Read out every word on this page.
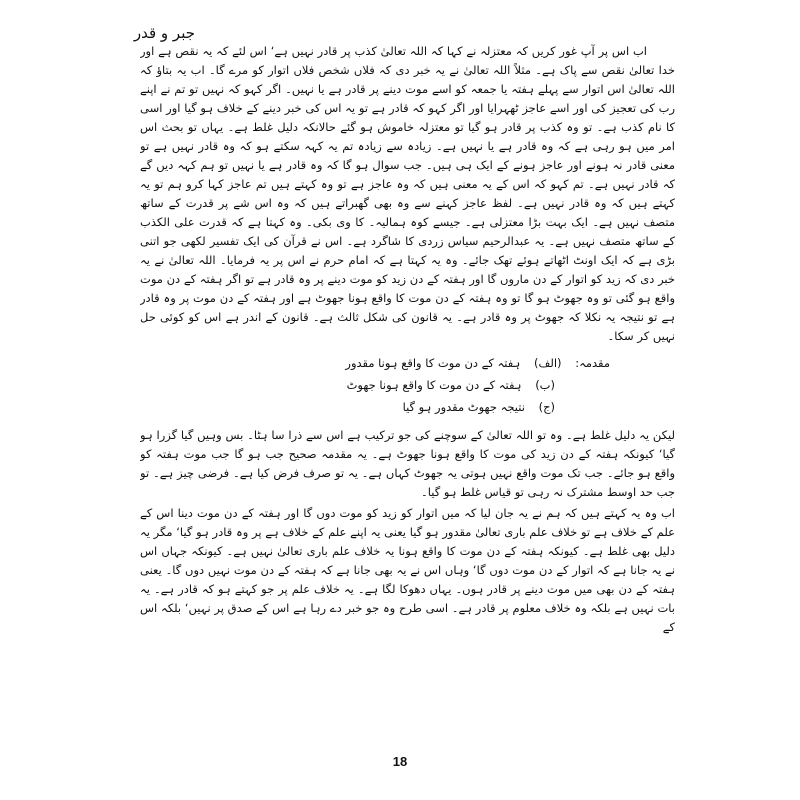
جبر و قدر

اب اس پر آپ غور کریں کہ معتزلہ نے کہا کہ اللہ تعالیٰ کذب پر قادر نہیں ہے‘ اس لئے کہ یہ نقص ہے اور خدا تعالیٰ نقص سے پاک ہے۔ مثلاً اللہ تعالیٰ نے یہ خبر دی کہ فلاں شخص فلاں اتوار کو مرے گا۔ اب یہ بتاؤ کہ اللہ تعالیٰ اس اتوار سے پہلے ہفتہ یا جمعہ کو اسے موت دینے پر قادر ہے یا نہیں۔ اگر کہو کہ نہیں تو تم نے اپنے رب کی تعجیز کی اور اسے عاجز ٹھہرایا اور اگر کہو کہ قادر ہے تو یہ اس کی خبر دینے کے خلاف ہو گیا اور اسی کا نام کذب ہے۔ تو وہ کذب پر قادر ہو گیا تو معتزلہ خاموش ہو گئے حالانکہ دلیل غلط ہے۔ یہاں تو بحث اس امر میں ہو رہی ہے کہ وہ قادر ہے یا نہیں ہے۔ زیادہ سے زیادہ تم یہ کہہ سکتے ہو کہ وہ قادر نہیں ہے تو معنی قادر نہ ہونے اور عاجز ہونے کے ایک ہی ہیں۔ جب سوال ہو گا کہ وہ قادر ہے یا نہیں تو ہم کہہ دیں گے کہ قادر نہیں ہے۔ تم کہو کہ اس کے یہ معنی ہیں کہ وہ عاجز ہے تو وہ کہتے ہیں تم عاجز کہا کرو ہم تو یہ کہتے ہیں کہ وہ قادر نہیں ہے۔ لفظ عاجز کہنے سے وہ بھی گھبراتے ہیں کہ وہ اس شے پر قدرت کے ساتھ متصف نہیں ہے۔ ایک بہت بڑا معتزلی ہے۔ جیسے کوہ ہمالیہ۔ کا وی بکی۔ وہ کہتا ہے کہ قدرت علی الکذب کے ساتھ متصف نہیں ہے۔ یہ عبدالرحیم سیاس زردی کا شاگرد ہے۔ اس نے قرآن کی ایک تفسیر لکھی جو اتنی بڑی ہے کہ ایک اونٹ اٹھاتے ہوئے تھک جائے۔ وہ یہ کہتا ہے کہ امام حرم نے اس پر یہ فرمایا۔ اللہ تعالیٰ نے یہ خبر دی کہ زید کو اتوار کے دن ماروں گا اور ہفتہ کے دن زید کو موت دینے پر وہ قادر ہے تو اگر ہفتہ کے دن موت واقع ہو گئی تو وہ جھوٹ ہو گا تو وہ ہفتہ کے دن موت کا واقع ہونا جھوٹ ہے اور ہفتہ کے دن موت پر وہ قادر ہے تو نتیجہ یہ نکلا کہ جھوٹ پر وہ قادر ہے۔ یہ قانون کی شکل ثالث ہے۔ قانون کے اندر ہے اس کو کوئی حل نہیں کر سکا۔

مقدمہ: (الف) ہفتہ کے دن موت کا واقع ہونا مقدور
(ب) ہفتہ کے دن موت کا واقع ہونا جھوٹ
(ج) نتیجہ جھوٹ مقدور ہو گیا

لیکن یہ دلیل غلط ہے۔ وہ تو اللہ تعالیٰ کے سوچنے کی جو ترکیب ہے اس سے ذرا سا ہٹا۔ بس وہیں گیا گزرا ہو گیا‘ کیونکہ ہفتہ کے دن زید کی موت کا واقع ہونا جھوٹ ہے۔ یہ مقدمہ صحیح جب ہو گا جب موت ہفتہ کو واقع ہو جائے۔ جب تک موت واقع نہیں ہوتی یہ جھوٹ کہاں ہے۔ یہ تو صرف فرض کیا ہے۔ فرضی چیز ہے۔ تو جب حد اوسط مشترک نہ رہی تو قیاس غلط ہو گیا۔

اب وہ یہ کہتے ہیں کہ ہم نے یہ جان لیا کہ میں اتوار کو زید کو موت دوں گا اور ہفتہ کے دن موت دینا اس کے علم کے خلاف ہے تو خلاف علم باری تعالیٰ مقدور ہو گیا یعنی یہ اپنے علم کے خلاف ہے پر وہ قادر ہو گیا‘ مگر یہ دلیل بھی غلط ہے۔ کیونکہ ہفتہ کے دن موت کا واقع ہونا یہ خلاف علم باری تعالیٰ نہیں ہے۔ کیونکہ جہاں اس نے یہ جانا ہے کہ اتوار کے دن موت دوں گا‘ وہاں اس نے یہ بھی جانا ہے کہ ہفتہ کے دن موت نہیں دوں گا۔ یعنی ہفتہ کے دن بھی میں موت دینے پر قادر ہوں۔ یہاں دھوکا لگا ہے۔ یہ خلاف علم پر جو کہتے ہو کہ قادر ہے۔ یہ بات نہیں ہے بلکہ وہ خلاف معلوم پر قادر ہے۔ اسی طرح وہ جو خبر دے رہا ہے اس کے صدق پر نہیں‘ بلکہ اس کے

18
